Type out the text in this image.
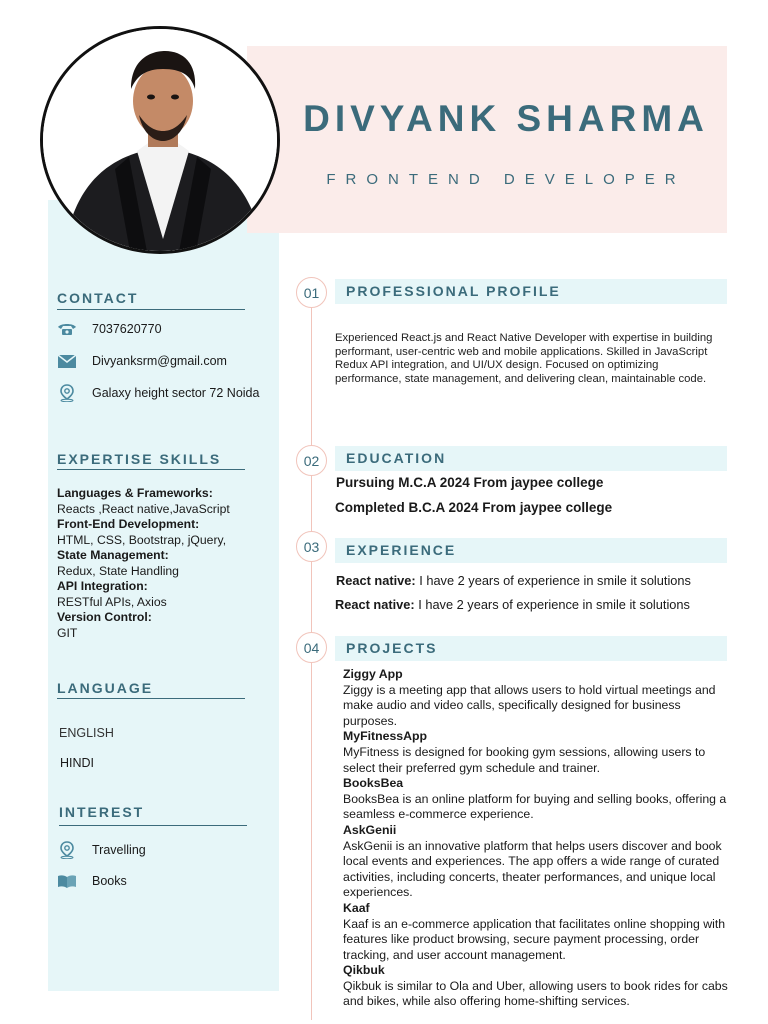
DIVYANK SHARMA
FRONTEND DEVELOPER
CONTACT
7037620770
Divyanksrm@gmail.com
Galaxy height sector 72 Noida
EXPERTISE SKILLS
Languages & Frameworks:
Reacts ,React native,JavaScript
Front-End Development:
HTML, CSS, Bootstrap, jQuery,
State Management:
Redux, State Handling
API Integration:
RESTful APIs, Axios
Version Control:
GIT
LANGUAGE
ENGLISH
HINDI
INTEREST
Travelling
Books
01	PROFESSIONAL PROFILE
Experienced React.js and React Native Developer with expertise in building performant, user-centric web and mobile applications. Skilled in JavaScript Redux API integration, and UI/UX design. Focused on optimizing performance, state management, and delivering clean, maintainable code.
02	EDUCATION
Pursuing M.C.A 2024 From jaypee college
Completed B.C.A 2024 From jaypee college
03	EXPERIENCE
React native: I have 2 years of experience in smile it solutions
React native: I have 2 years of experience in smile it solutions
04	PROJECTS
Ziggy App
Ziggy is a meeting app that allows users to hold virtual meetings and make audio and video calls, specifically designed for business purposes.
MyFitnessApp
MyFitness is designed for booking gym sessions, allowing users to select their preferred gym schedule and trainer.
BooksBea
BooksBea is an online platform for buying and selling books, offering a seamless e-commerce experience.
AskGenii
AskGenii is an innovative platform that helps users discover and book local events and experiences. The app offers a wide range of curated activities, including concerts, theater performances, and unique local experiences.
Kaaf
Kaaf is an e-commerce application that facilitates online shopping with features like product browsing, secure payment processing, order tracking, and user account management.
Qikbuk
Qikbuk is similar to Ola and Uber, allowing users to book rides for cabs and bikes, while also offering home-shifting services.
